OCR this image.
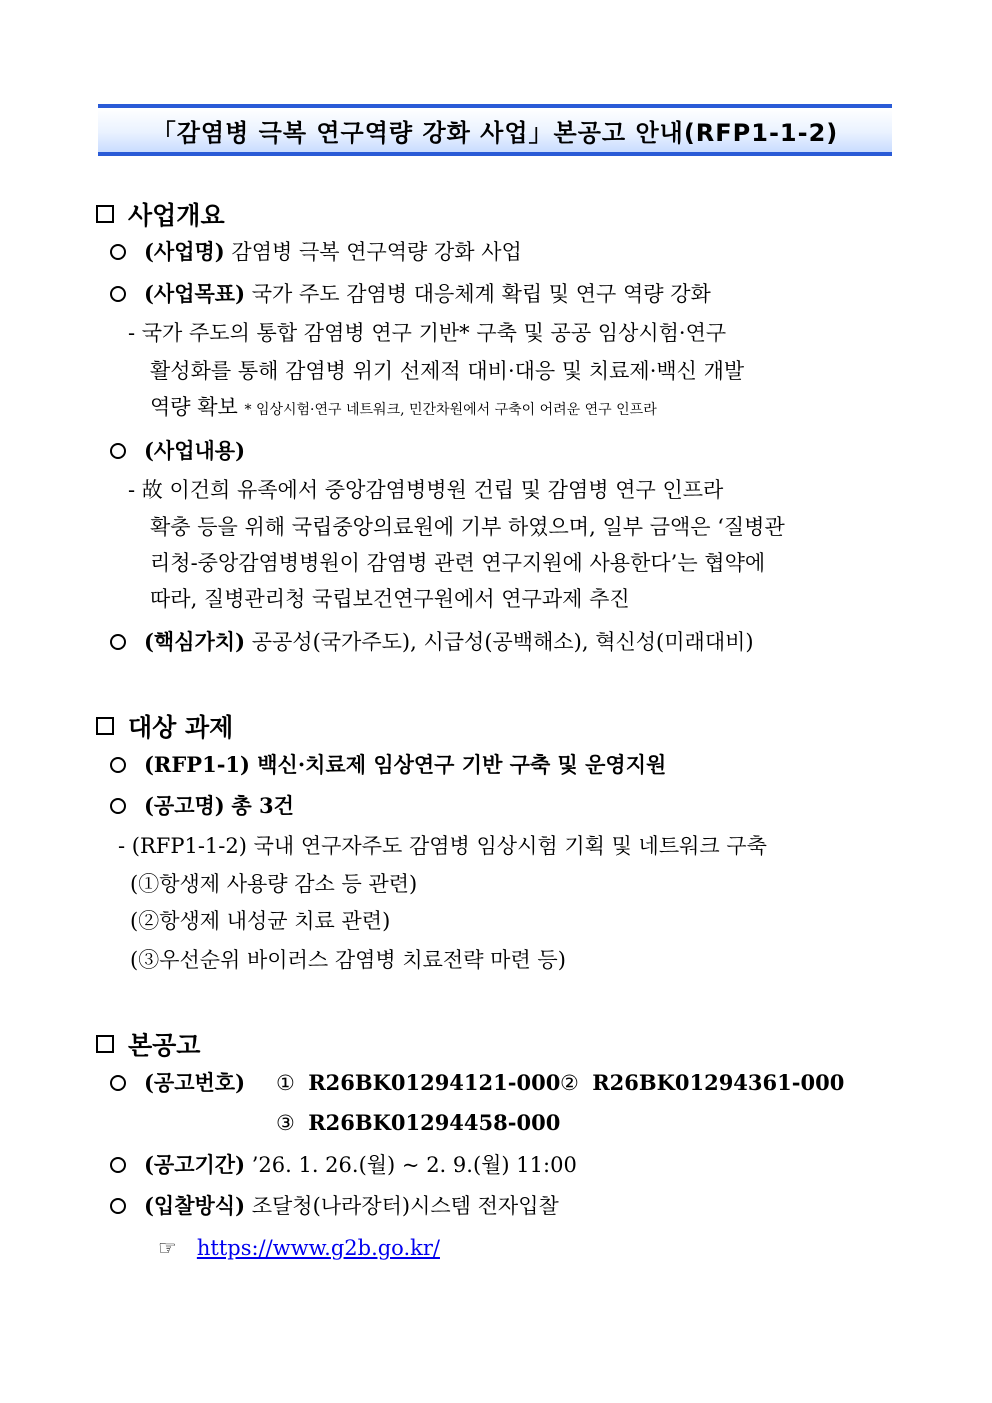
「감염병 극복 연구역량 강화 사업」본공고 안내(RFP1-1-2)
사업개요
(사업명) 감염병 극복 연구역량 강화 사업
(사업목표) 국가 주도 감염병 대응체계 확립 및 연구 역량 강화
- 국가 주도의 통합 감염병 연구 기반* 구축 및 공공 임상시험·연구
활성화를 통해 감염병 위기 선제적 대비·대응 및 치료제·백신 개발
역량 확보 * 임상시험·연구 네트워크, 민간차원에서 구축이 어려운 연구 인프라
(사업내용)
- 故 이건희 유족에서 중앙감염병병원 건립 및 감염병 연구 인프라
확충 등을 위해 국립중앙의료원에 기부 하였으며, 일부 금액은 ‘질병관
리청-중앙감염병병원이 감염병 관련 연구지원에 사용한다’는 협약에
따라, 질병관리청 국립보건연구원에서 연구과제 추진
(핵심가치) 공공성(국가주도), 시급성(공백해소), 혁신성(미래대비)
대상 과제
(RFP1-1) 백신·치료제 임상연구 기반 구축 및 운영지원
(공고명) 총 3건
- (RFP1-1-2) 국내 연구자주도 감염병 임상시험 기획 및 네트워크 구축
(①항생제 사용량 감소 등 관련)
(②항생제 내성균 치료 관련)
(③우선순위 바이러스 감염병 치료전략 마련 등)
본공고
(공고번호) ① R26BK01294121-000 ② R26BK01294361-000
③ R26BK01294458-000
(공고기간) ’26. 1. 26.(월) ~ 2. 9.(월) 11:00
(입찰방식) 조달청(나라장터)시스템 전자입찰
☞ https://www.g2b.go.kr/
